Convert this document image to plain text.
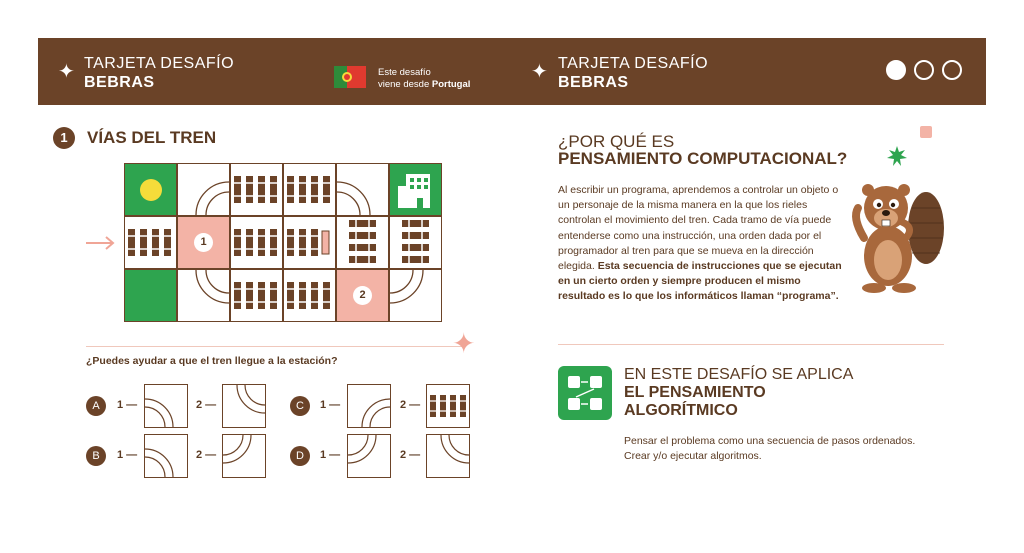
✦ TARJETA DESAFÍO
BEBRAS
Este desafío
viene desde Portugal
✦ TARJETA DESAFÍO
BEBRAS
1	VÍAS DEL TREN
1
2
✦
¿Puedes ayudar a que el tren llegue a la estación?
A	1 —	2 —
B	1 —	2 —
C	1 —	2 —
D	1 —	2 —
¿POR QUÉ ES
PENSAMIENTO COMPUTACIONAL?
Al escribir un programa, aprendemos a controlar un objeto o un personaje de la misma manera en la que los rieles controlan el movimiento del tren. Cada tramo de vía puede entenderse como una instrucción, una orden dada por el programador al tren para que se mueva en la dirección elegida. Esta secuencia de instrucciones que se ejecutan en un cierto orden y siempre producen el mismo resultado es lo que los informáticos llaman “programa”.
EN ESTE DESAFÍO SE APLICA
EL PENSAMIENTO
ALGORÍTMICO
Pensar el problema como una secuencia de pasos ordenados. Crear y/o ejecutar algoritmos.
